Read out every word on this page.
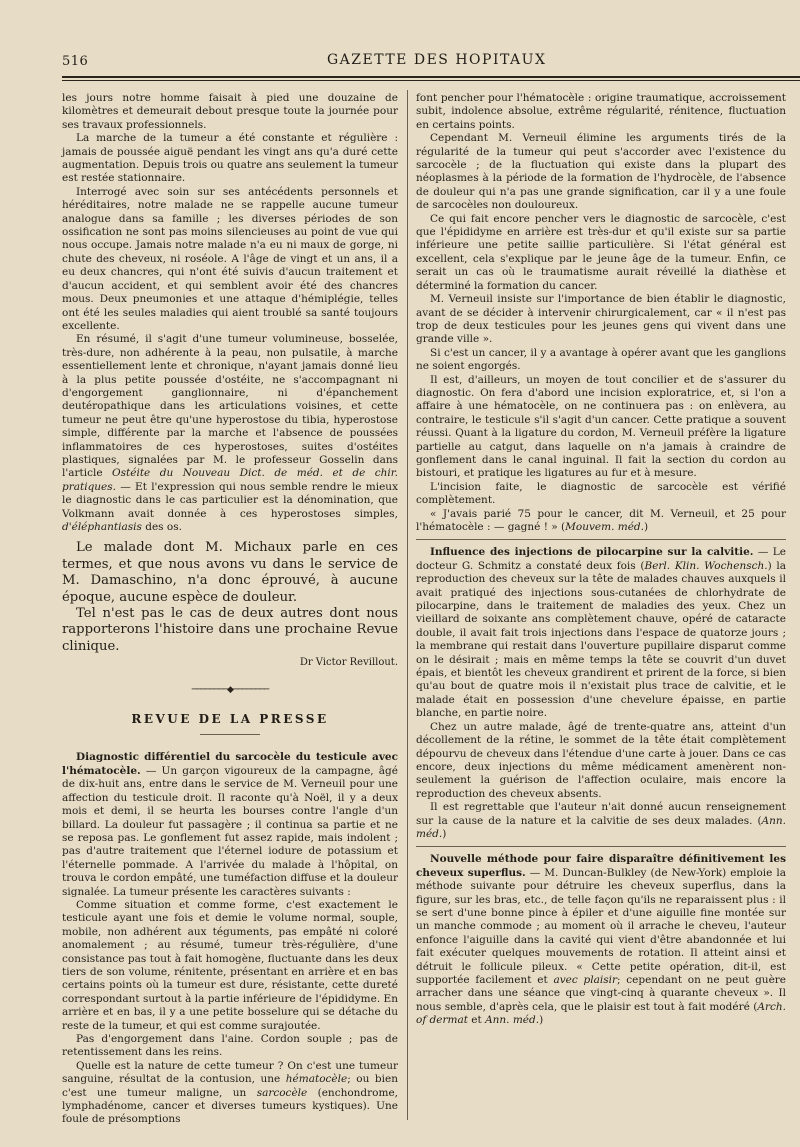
516	GAZETTE DES HOPITAUX

les jours notre homme faisait à pied une douzaine de kilomètres et demeurait debout presque toute la journée pour ses travaux professionnels.

La marche de la tumeur a été constante et régulière : jamais de poussée aiguë pendant les vingt ans qu'a duré cette augmentation. Depuis trois ou quatre ans seulement la tumeur est restée stationnaire.

Interrogé avec soin sur ses antécédents personnels et héréditaires, notre malade ne se rappelle aucune tumeur analogue dans sa famille ; les diverses périodes de son ossification ne sont pas moins silencieuses au point de vue qui nous occupe. Jamais notre malade n'a eu ni maux de gorge, ni chute des cheveux, ni roséole. A l'âge de vingt et un ans, il a eu deux chancres, qui n'ont été suivis d'aucun traitement et d'aucun accident, et qui semblent avoir été des chancres mous. Deux pneumonies et une attaque d'hémiplégie, telles ont été les seules maladies qui aient troublé sa santé toujours excellente.

En résumé, il s'agit d'une tumeur volumineuse, bosselée, très-dure, non adhérente à la peau, non pulsatile, à marche essentiellement lente et chronique, n'ayant jamais donné lieu à la plus petite poussée d'ostéite, ne s'accompagnant ni d'engorgement ganglionnaire, ni d'épanchement deutéropathique dans les articulations voisines, et cette tumeur ne peut être qu'une hyperostose du tibia, hyperostose simple, différente par la marche et l'absence de poussées inflammatoires de ces hyperostoses, suites d'ostéites plastiques, signalées par M. le professeur Gosselin dans l'article Ostéite du Nouveau Dict. de méd. et de chir. pratiques. — Et l'expression qui nous semble rendre le mieux le diagnostic dans le cas particulier est la dénomination, que Volkmann avait donnée à ces hyperostoses simples, d'éléphantiasis des os.

Le malade dont M. Michaux parle en ces termes, et que nous avons vu dans le service de M. Damaschino, n'a donc éprouvé, à aucune époque, aucune espèce de douleur.

Tel n'est pas le cas de deux autres dont nous rapporterons l'histoire dans une prochaine Revue clinique.

Dr Victor Revillout.
────────◆────────
REVUE DE LA PRESSE

Diagnostic différentiel du sarcocèle du testicule avec l'hématocèle. — Un garçon vigoureux de la campagne, âgé de dix-huit ans, entre dans le service de M. Verneuil pour une affection du testicule droit. Il raconte qu'à Noël, il y a deux mois et demi, il se heurta les bourses contre l'angle d'un billard. La douleur fut passagère ; il continua sa partie et ne se reposa pas. Le gonflement fut assez rapide, mais indolent ; pas d'autre traitement que l'éternel iodure de potassium et l'éternelle pommade. A l'arrivée du malade à l'hôpital, on trouva le cordon empâté, une tuméfaction diffuse et la douleur signalée. La tumeur présente les caractères suivants :

Comme situation et comme forme, c'est exactement le testicule ayant une fois et demie le volume normal, souple, mobile, non adhérent aux téguments, pas empâté ni coloré anomalement ; au résumé, tumeur très-régulière, d'une consistance pas tout à fait homogène, fluctuante dans les deux tiers de son volume, rénitente, présentant en arrière et en bas certains points où la tumeur est dure, résistante, cette dureté correspondant surtout à la partie inférieure de l'épididyme. En arrière et en bas, il y a une petite bosselure qui se détache du reste de la tumeur, et qui est comme surajoutée.

Pas d'engorgement dans l'aine. Cordon souple ; pas de retentissement dans les reins.

Quelle est la nature de cette tumeur ? On c'est une tumeur sanguine, résultat de la contusion, une hématocèle; ou bien c'est une tumeur maligne, un sarcocèle (enchondrome, lymphadénome, cancer et diverses tumeurs kystiques). Une foule de présomptions

font pencher pour l'hématocèle : origine traumatique, accroissement subit, indolence absolue, extrême régularité, rénitence, fluctuation en certains points.

Cependant M. Verneuil élimine les arguments tirés de la régularité de la tumeur qui peut s'accorder avec l'existence du sarcocèle ; de la fluctuation qui existe dans la plupart des néoplasmes à la période de la formation de l'hydrocèle, de l'absence de douleur qui n'a pas une grande signification, car il y a une foule de sarcocèles non douloureux.

Ce qui fait encore pencher vers le diagnostic de sarcocèle, c'est que l'épididyme en arrière est très-dur et qu'il existe sur sa partie inférieure une petite saillie particulière. Si l'état général est excellent, cela s'explique par le jeune âge de la tumeur. Enfin, ce serait un cas où le traumatisme aurait réveillé la diathèse et déterminé la formation du cancer.

M. Verneuil insiste sur l'importance de bien établir le diagnostic, avant de se décider à intervenir chirurgicalement, car « il n'est pas trop de deux testicules pour les jeunes gens qui vivent dans une grande ville ».

Si c'est un cancer, il y a avantage à opérer avant que les ganglions ne soient engorgés.

Il est, d'ailleurs, un moyen de tout concilier et de s'assurer du diagnostic. On fera d'abord une incision exploratrice, et, si l'on a affaire à une hématocèle, on ne continuera pas : on enlèvera, au contraire, le testicule s'il s'agit d'un cancer. Cette pratique a souvent réussi. Quant à la ligature du cordon, M. Verneuil préfère la ligature partielle au catgut, dans laquelle on n'a jamais à craindre de gonflement dans le canal inguinal. Il fait la section du cordon au bistouri, et pratique les ligatures au fur et à mesure.

L'incision faite, le diagnostic de sarcocèle est vérifié complètement.

« J'avais parié 75 pour le cancer, dit M. Verneuil, et 25 pour l'hématocèle : — gagné ! » (Mouvem. méd.)

Influence des injections de pilocarpine sur la calvitie. — Le docteur G. Schmitz a constaté deux fois (Berl. Klin. Wochensch.) la reproduction des cheveux sur la tête de malades chauves auxquels il avait pratiqué des injections sous-cutanées de chlorhydrate de pilocarpine, dans le traitement de maladies des yeux. Chez un vieillard de soixante ans complètement chauve, opéré de cataracte double, il avait fait trois injections dans l'espace de quatorze jours ; la membrane qui restait dans l'ouverture pupillaire disparut comme on le désirait ; mais en même temps la tête se couvrit d'un duvet épais, et bientôt les cheveux grandirent et prirent de la force, si bien qu'au bout de quatre mois il n'existait plus trace de calvitie, et le malade était en possession d'une chevelure épaisse, en partie blanche, en partie noire.

Chez un autre malade, âgé de trente-quatre ans, atteint d'un décollement de la rétine, le sommet de la tête était complètement dépourvu de cheveux dans l'étendue d'une carte à jouer. Dans ce cas encore, deux injections du même médicament amenèrent non-seulement la guérison de l'affection oculaire, mais encore la reproduction des cheveux absents.

Il est regrettable que l'auteur n'ait donné aucun renseignement sur la cause de la nature et la calvitie de ses deux malades. (Ann. méd.)

Nouvelle méthode pour faire disparaître définitivement les cheveux superflus. — M. Duncan-Bulkley (de New-York) emploie la méthode suivante pour détruire les cheveux superflus, dans la figure, sur les bras, etc., de telle façon qu'ils ne reparaissent plus : il se sert d'une bonne pince à épiler et d'une aiguille fine montée sur un manche commode ; au moment où il arrache le cheveu, l'auteur enfonce l'aiguille dans la cavité qui vient d'être abandonnée et lui fait exécuter quelques mouvements de rotation. Il atteint ainsi et détruit le follicule pileux. « Cette petite opération, dit-il, est supportée facilement et avec plaisir; cependant on ne peut guère arracher dans une séance que vingt-cinq à quarante cheveux ». Il nous semble, d'après cela, que le plaisir est tout à fait modéré (Arch. of dermat et Ann. méd.)
